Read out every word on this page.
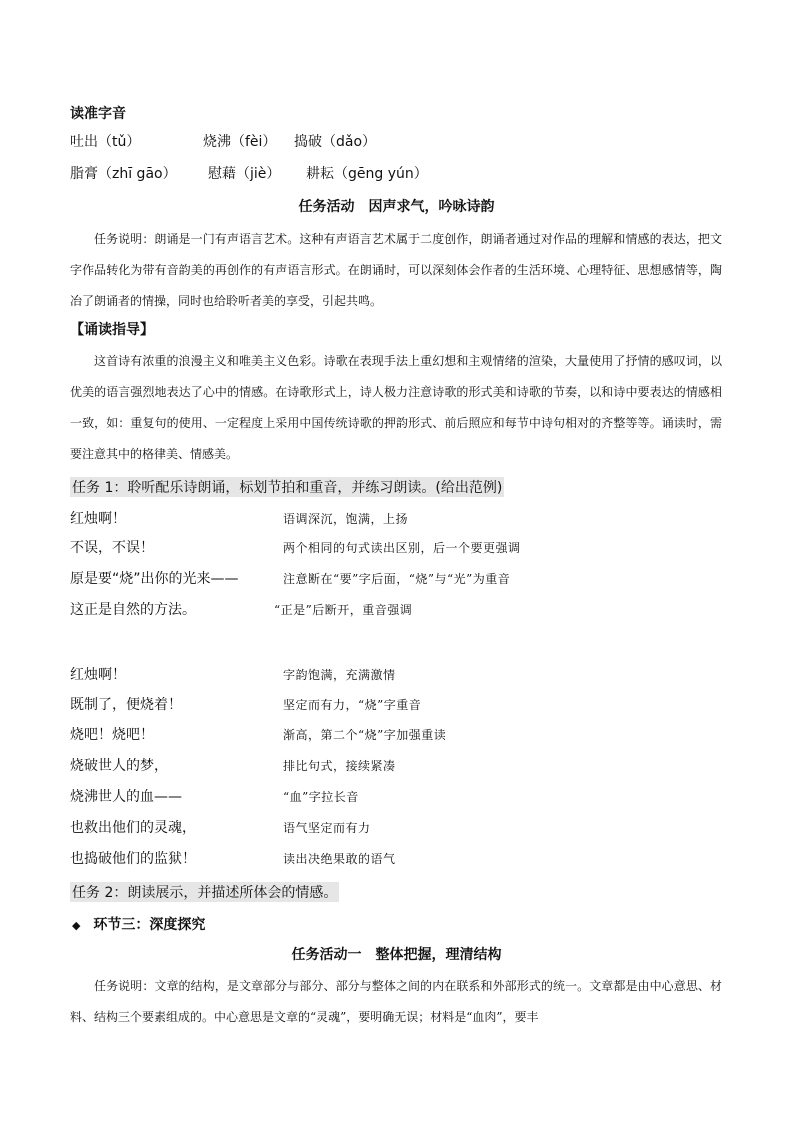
读准字音
吐出（tǔ）	烧沸（fèi） 捣破（dǎo）
脂膏（zhī gāo） 慰藉（jiè） 耕耘（gēng yún）
任务活动　因声求气，吟咏诗韵
任务说明：朗诵是一门有声语言艺术。这种有声语言艺术属于二度创作，朗诵者通过对作品的理解和情感的表达，把文字作品转化为带有音韵美的再创作的有声语言形式。在朗诵时，可以深刻体会作者的生活环境、心理特征、思想感情等，陶冶了朗诵者的情操，同时也给聆听者美的享受，引起共鸣。
【诵读指导】
这首诗有浓重的浪漫主义和唯美主义色彩。诗歌在表现手法上重幻想和主观情绪的渲染，大量使用了抒情的感叹词，以优美的语言强烈地表达了心中的情感。在诗歌形式上，诗人极力注意诗歌的形式美和诗歌的节奏，以和诗中要表达的情感相一致，如：重复句的使用、一定程度上采用中国传统诗歌的押韵形式、前后照应和每节中诗句相对的齐整等等。诵读时，需要注意其中的格律美、情感美。
任务 1：聆听配乐诗朗诵，标划节拍和重音，并练习朗读。(给出范例)
红烛啊！	语调深沉，饱满，上扬
不误，不误！	两个相同的句式读出区别，后一个要更强调
原是要“烧”出你的光来——	注意断在“要”字后面，“烧”与“光”为重音
这正是自然的方法。	“正是”后断开，重音强调
红烛啊！	字韵饱满，充满激情
既制了，便烧着！	坚定而有力，“烧”字重音
烧吧！烧吧！	渐高，第二个“烧”字加强重读
烧破世人的梦，	排比句式，接续紧凑
烧沸世人的血——	“血”字拉长音
也救出他们的灵魂，	语气坚定而有力
也捣破他们的监狱！	读出决绝果敢的语气
任务 2：朗读展示，并描述所体会的情感。
◆ 环节三：深度探究
任务活动一　整体把握，理清结构
任务说明：文章的结构，是文章部分与部分、部分与整体之间的内在联系和外部形式的统一。文章都是由中心意思、材料、结构三个要素组成的。中心意思是文章的“灵魂”，要明确无误；材料是“血肉”，要丰
